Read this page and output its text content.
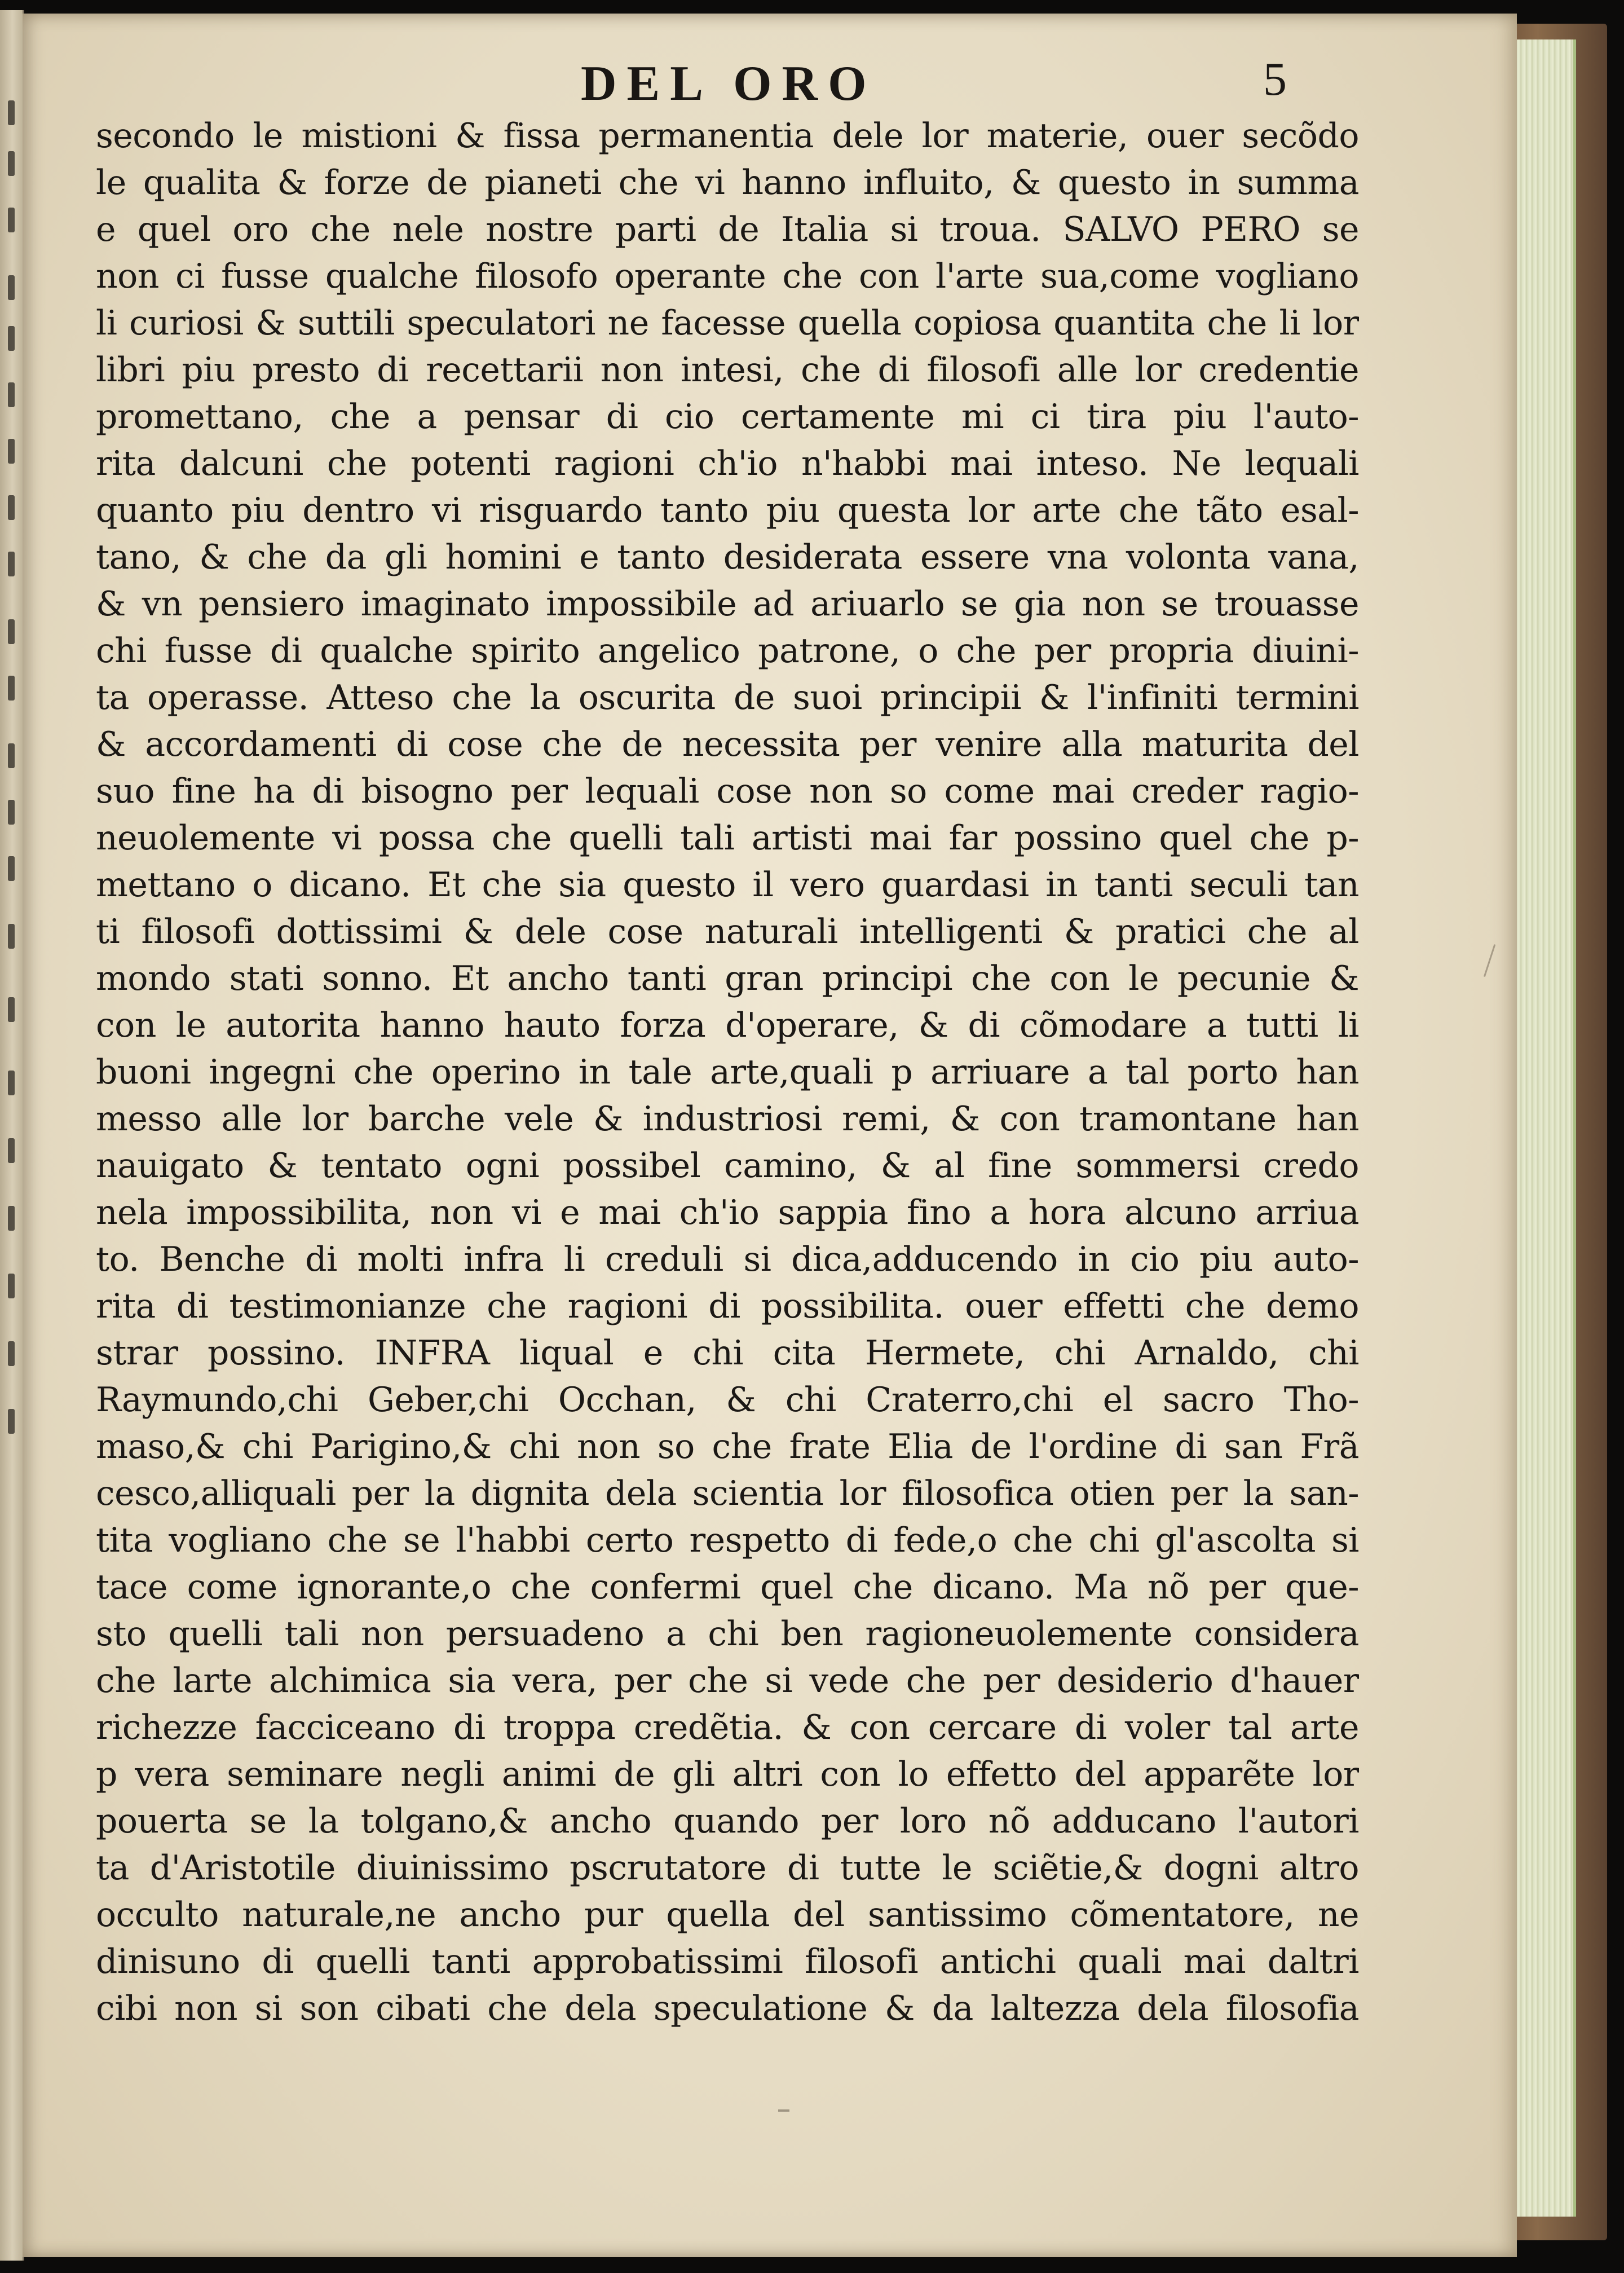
DEL ORO	5
secondo le mistioni & fissa permanentia dele lor materie, ouer secõdo
le qualita & forze de pianeti che vi hanno influito, & questo in summa
e quel oro che nele nostre parti de Italia si troua. SALVO PERO se
non ci fusse qualche filosofo operante che con l'arte sua,come vogliano
li curiosi & suttili speculatori ne facesse quella copiosa quantita che li lor
libri piu presto di recettarii non intesi, che di filosofi alle lor credentie
promettano, che a pensar di cio certamente mi ci tira piu l'auto-
rita dalcuni che potenti ragioni ch'io n'habbi mai inteso. Ne lequali
quanto piu dentro vi risguardo tanto piu questa lor arte che tãto esal-
tano, & che da gli homini e tanto desiderata essere vna volonta vana,
& vn pensiero imaginato impossibile ad ariuarlo se gia non se trouasse
chi fusse di qualche spirito angelico patrone, o che per propria diuini-
ta operasse. Atteso che la oscurita de suoi principii & l'infiniti termini
& accordamenti di cose che de necessita per venire alla maturita del
suo fine ha di bisogno per lequali cose non so come mai creder ragio-
neuolemente vi possa che quelli tali artisti mai far possino quel che p-
mettano o dicano. Et che sia questo il vero guardasi in tanti seculi tan
ti filosofi dottissimi & dele cose naturali intelligenti & pratici che al
mondo stati sonno. Et ancho tanti gran principi che con le pecunie &
con le autorita hanno hauto forza d'operare, & di cõmodare a tutti li
buoni ingegni che operino in tale arte,quali p arriuare a tal porto han
messo alle lor barche vele & industriosi remi, & con tramontane han
nauigato & tentato ogni possibel camino, & al fine sommersi credo
nela impossibilita, non vi e mai ch'io sappia fino a hora alcuno arriua
to. Benche di molti infra li creduli si dica,adducendo in cio piu auto-
rita di testimonianze che ragioni di possibilita. ouer effetti che demo
strar possino. INFRA liqual e chi cita Hermete, chi Arnaldo, chi
Raymundo,chi Geber,chi Occhan, & chi Craterro,chi el sacro Tho-
maso,& chi Parigino,& chi non so che frate Elia de l'ordine di san Frã
cesco,alliquali per la dignita dela scientia lor filosofica otien per la san-
tita vogliano che se l'habbi certo respetto di fede,o che chi gl'ascolta si
tace come ignorante,o che confermi quel che dicano. Ma nõ per que-
sto quelli tali non persuadeno a chi ben ragioneuolemente considera
che larte alchimica sia vera, per che si vede che per desiderio d'hauer
richezze facciceano di troppa credẽtia. & con cercare di voler tal arte
p vera seminare negli animi de gli altri con lo effetto del apparẽte lor
pouerta se la tolgano,& ancho quando per loro nõ adducano l'autori
ta d'Aristotile diuinissimo pscrutatore di tutte le sciẽtie,& dogni altro
occulto naturale,ne ancho pur quella del santissimo cõmentatore, ne
dinisuno di quelli tanti approbatissimi filosofi antichi quali mai daltri
cibi non si son cibati che dela speculatione & da laltezza dela filosofia
